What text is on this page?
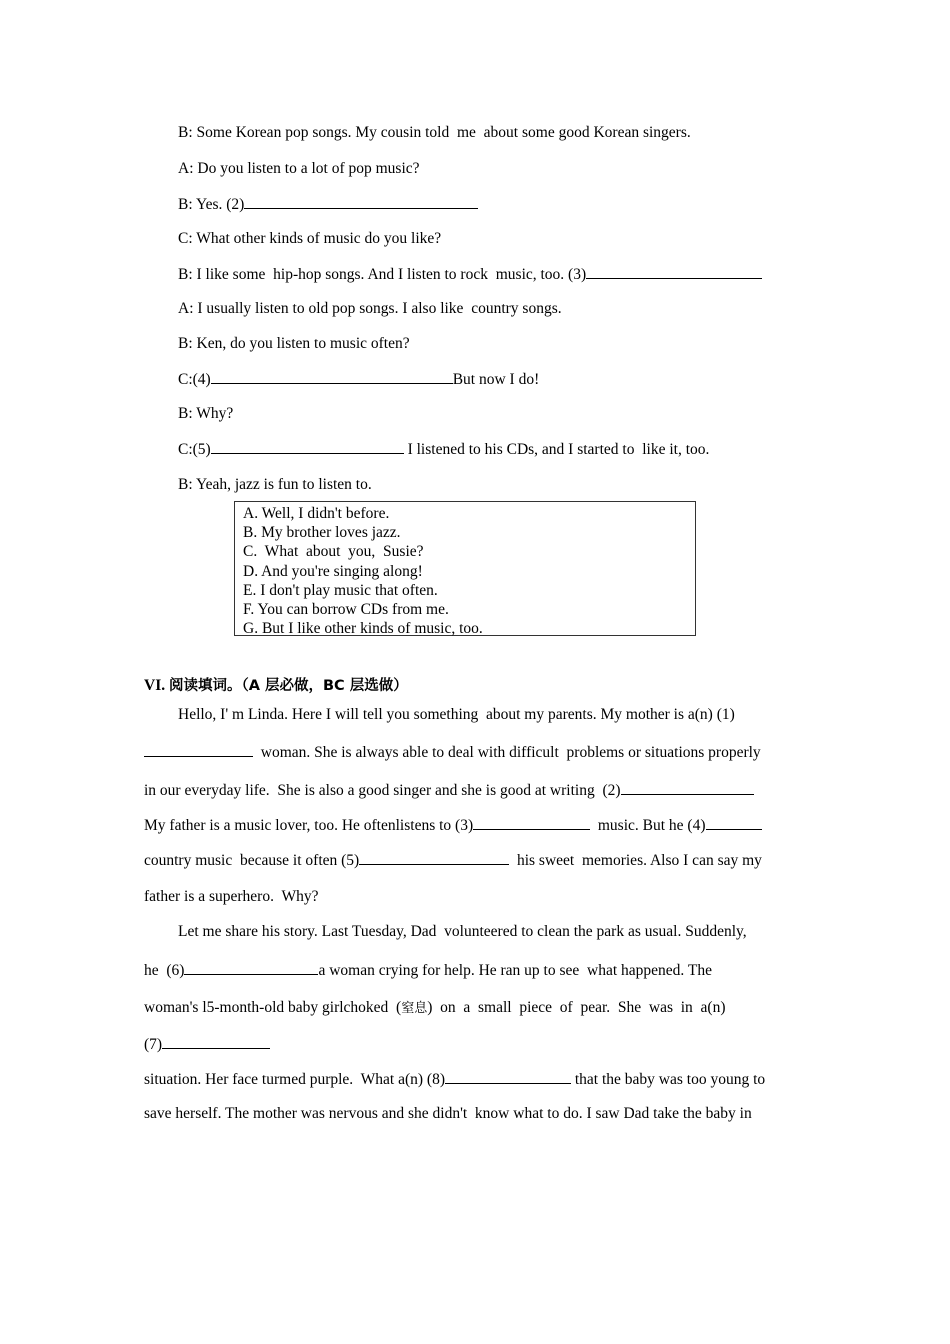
B: Some Korean pop songs. My cousin told  me  about some good Korean singers.
A: Do you listen to a lot of pop music?
B: Yes. (2)
C: What other kinds of music do you like?
B: I like some  hip-hop songs. And I listen to rock  music, too. (3)
A: I usually listen to old pop songs. I also like  country songs.
B: Ken, do you listen to music often?
C:(4)	But now I do!
B: Why?
C:(5)	I listened to his CDs, and I started to  like it, too.
B: Yeah, jazz is fun to listen to.
A. Well, I didn't before.
B. My brother loves jazz.
C.  What  about  you,  Susie?
D. And you're singing along!
E. I don't play music that often.
F. You can borrow CDs from me.
G. But I like other kinds of music, too.
VI. 阅读填词。（A 层必做，BC 层选做）
Hello, I' m Linda. Here I will tell you something  about my parents. My mother is a(n) (1)
woman. She is always able to deal with difficult  problems or situations properly
in our everyday life.  She is also a good singer and she is good at writing  (2)
My father is a music lover, too. He oftenlistens to (3)	music. But he (4)
country music  because it often (5)	his sweet  memories. Also I can say my
father is a superhero.  Why?
Let me share his story. Last Tuesday, Dad  volunteered to clean the park as usual. Suddenly,
he  (6)	a woman crying for help. He ran up to see  what happened. The
woman's l5-month-old baby girlchoked  (窒息)  on  a  small  piece  of  pear.  She  was  in  a(n)
(7)
situation. Her face turmed purple.  What a(n) (8)	that the baby was too young to
save herself. The mother was nervous and she didn't  know what to do. I saw Dad take the baby in
